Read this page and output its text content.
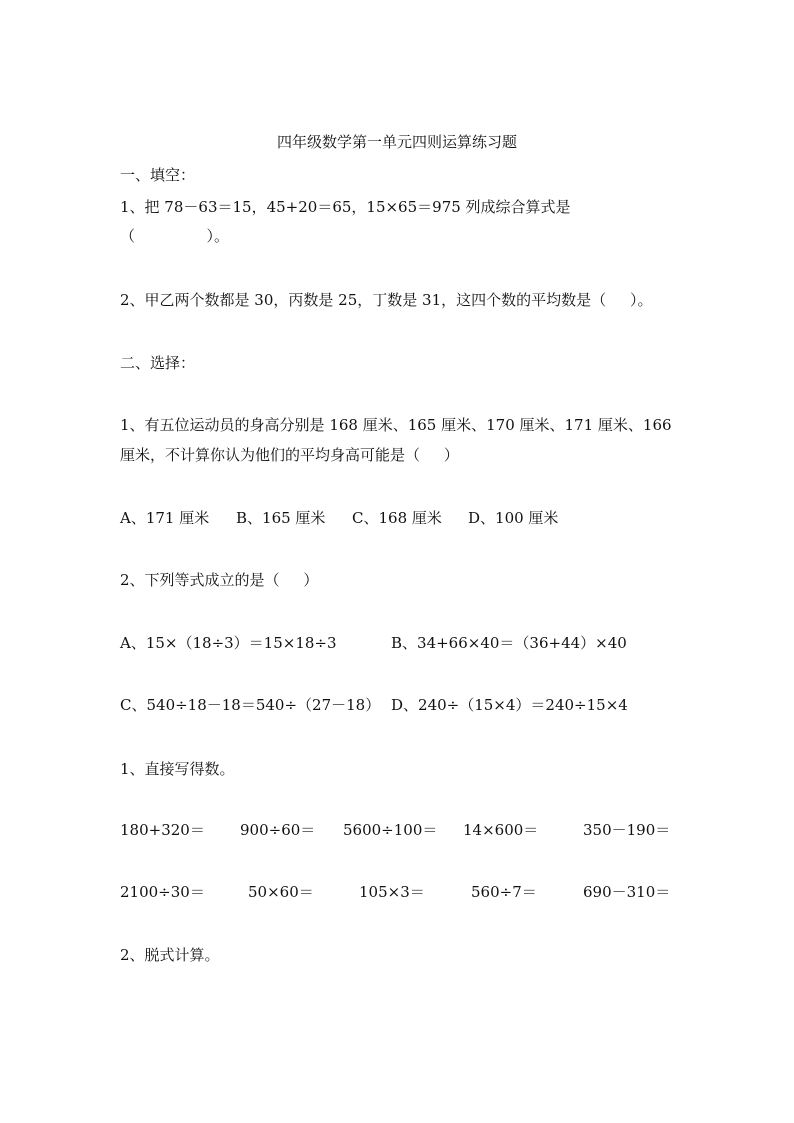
四年级数学第一单元四则运算练习题
一、填空：
1、把 78－63＝15，45+20＝65，15×65＝975 列成综合算式是
（               ）。
2、甲乙两个数都是 30，丙数是 25，丁数是 31，这四个数的平均数是（     ）。
二、选择：
1、有五位运动员的身高分别是 168 厘米、165 厘米、170 厘米、171 厘米、166
厘米，不计算你认为他们的平均身高可能是（     ）
A、171 厘米 B、165 厘米 C、168 厘米 D、100 厘米
2、下列等式成立的是（     ）
A、15×（18÷3）＝15×18÷3	B、34+66×40＝（36+44）×40
C、540÷18－18＝540÷（27－18） D、240÷（15×4）＝240÷15×4
1、直接写得数。
180+320＝ 900÷60＝ 5600÷100＝ 14×600＝	350－190＝
2100÷30＝	50×60＝	105×3＝	560÷7＝	690－310＝
2、脱式计算。
